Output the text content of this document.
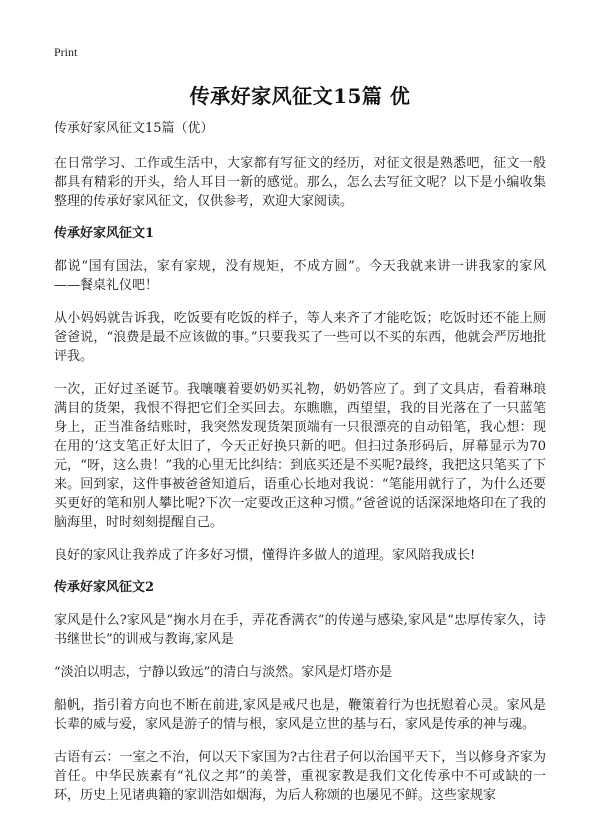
Print
传承好家风征文15篇 优

传承好家风征文15篇（优）

在日常学习、工作或生活中，大家都有写征文的经历，对征文很是熟悉吧，征文一般都具有精彩的开头，给人耳目一新的感觉。那么，怎么去写征文呢？以下是小编收集整理的传承好家风征文，仅供参考，欢迎大家阅读。

传承好家风征文1

都说“国有国法，家有家规，没有规矩，不成方圆”。今天我就来讲一讲我家的家风——餐桌礼仪吧！

从小妈妈就告诉我，吃饭要有吃饭的样子，等人来齐了才能吃饭；吃饭时还不能上厕爸爸说，“浪费是最不应该做的事。”只要我买了一些可以不买的东西，他就会严厉地批评我。

一次，正好过圣诞节。我嚷嚷着要奶奶买礼物，奶奶答应了。到了文具店，看着琳琅满目的货架，我恨不得把它们全买回去。东瞧瞧，西望望，我的目光落在了一只蓝笔身上，正当准备结账时，我突然发现货架顶端有一只很漂亮的自动铅笔，我心想：现在用的‘这支笔正好太旧了，今天正好换只新的吧。但扫过条形码后，屏幕显示为70元，“呀，这么贵！”我的心里无比纠结：到底买还是不买呢?最终，我把这只笔买了下来。回到家，这件事被爸爸知道后，语重心长地对我说：“笔能用就行了，为什么还要买更好的笔和别人攀比呢?下次一定要改正这种习惯。”爸爸说的话深深地烙印在了我的脑海里，时时刻刻提醒自己。

良好的家风让我养成了许多好习惯，懂得许多做人的道理。家风陪我成长!

传承好家风征文2

家风是什么?家风是“掬水月在手，弄花香满衣”的传递与感染,家风是“忠厚传家久，诗书继世长”的训戒与教诲,家风是

“淡泊以明志，宁静以致远”的清白与淡然。家风是灯塔亦是

船帆，指引着方向也不断在前进,家风是戒尺也是，鞭策着行为也抚慰着心灵。家风是长辈的威与爱，家风是游子的情与根，家风是立世的基与石，家风是传承的神与魂。

古语有云：一室之不治，何以天下家国为?古往君子何以治国平天下，当以修身齐家为首任。中华民族素有“礼仪之邦”的美誉，重视家教是我们文化传承中不可或缺的一环，历史上见诸典籍的家训浩如烟海，为后人称颂的也屡见不鲜。这些家规家
